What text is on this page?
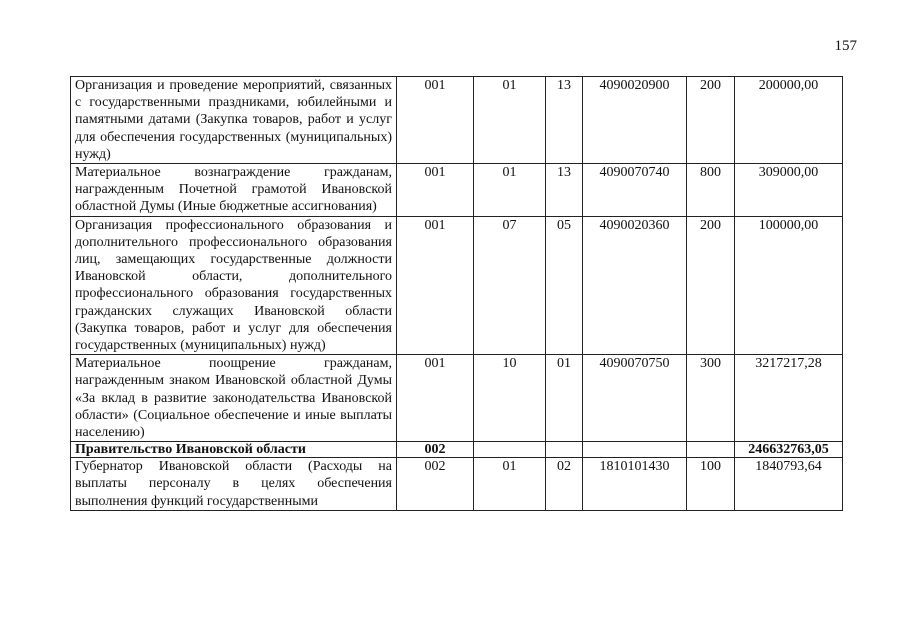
157
Организация и проведение мероприятий, связанных с государственными праздниками, юбилейными и памятными датами (Закупка товаров, работ и услуг для обеспечения государственных (муниципальных) нужд)	001	01	13	4090020900	200	200000,00
Материальное вознаграждение гражданам, награжденным Почетной грамотой Ивановской областной Думы (Иные бюджетные ассигнования)	001	01	13	4090070740	800	309000,00
Организация профессионального образования и дополнительного профессионального образования лиц, замещающих государственные должности Ивановской области, дополнительного профессионального образования государственных гражданских служащих Ивановской области (Закупка товаров, работ и услуг для обеспечения государственных (муниципальных) нужд)	001	07	05	4090020360	200	100000,00
Материальное поощрение гражданам, награжденным знаком Ивановской областной Думы «За вклад в развитие законодательства Ивановской области» (Социальное обеспечение и иные выплаты населению)	001	10	01	4090070750	300	3217217,28
Правительство Ивановской области	002					246632763,05

Губернатор Ивановской области (Расходы на выплаты персоналу в целях обеспечения выполнения функций государственными	002	01	02	1810101430	100	1840793,64
